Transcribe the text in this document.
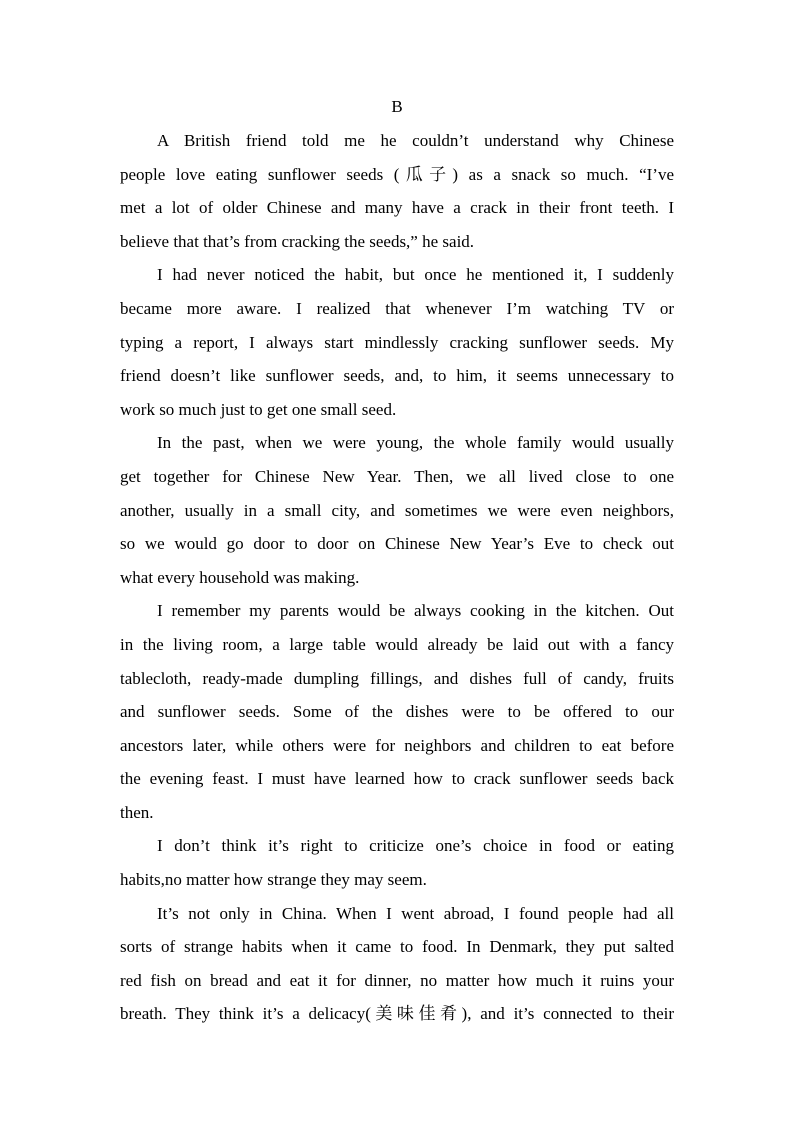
B
A British friend told me he couldn’t understand why Chinese
people love eating sunflower seeds (瓜子) as a snack so much. “I’ve
met a lot of older Chinese and many have a crack in their front teeth. I
believe that that’s from cracking the seeds,” he said.
I had never noticed the habit, but once he mentioned it, I suddenly
became more aware. I realized that whenever I’m watching TV or
typing a report, I always start mindlessly cracking sunflower seeds. My
friend doesn’t like sunflower seeds, and, to him, it seems unnecessary to
work so much just to get one small seed.
In the past, when we were young, the whole family would usually
get together for Chinese New Year. Then, we all lived close to one
another, usually in a small city, and sometimes we were even neighbors,
so we would go door to door on Chinese New Year’s Eve to check out
what every household was making.
I remember my parents would be always cooking in the kitchen. Out
in the living room, a large table would already be laid out with a fancy
tablecloth, ready-made dumpling fillings, and dishes full of candy, fruits
and sunflower seeds. Some of the dishes were to be offered to our
ancestors later, while others were for neighbors and children to eat before
the evening feast. I must have learned how to crack sunflower seeds back
then.
I don’t think it’s right to criticize one’s choice in food or eating
habits,no matter how strange they may seem.
It’s not only in China. When I went abroad, I found people had all
sorts of strange habits when it came to food. In Denmark, they put salted
red fish on bread and eat it for dinner, no matter how much it ruins your
breath. They think it’s a delicacy(美味佳肴), and it’s connected to their
